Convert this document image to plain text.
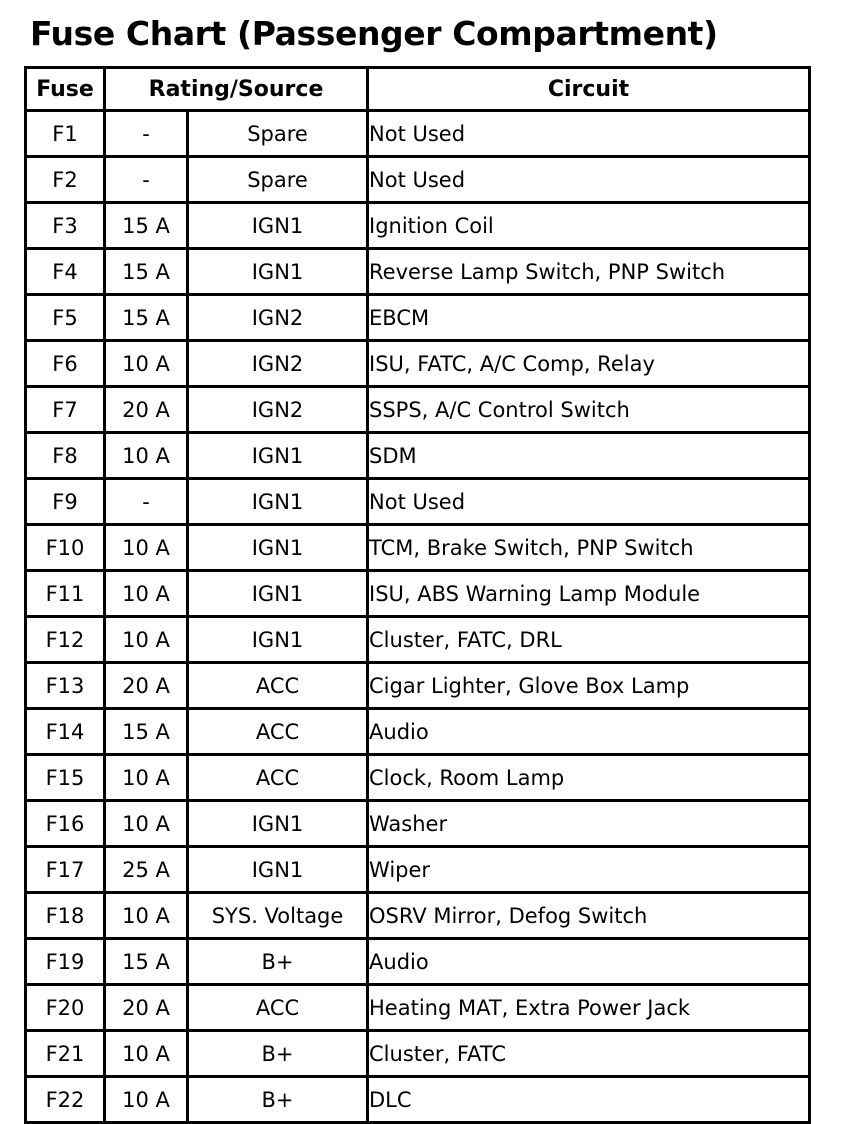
Fuse Chart (Passenger Compartment)
Fuse	Rating/Source		Circuit
F1	-	Spare	Not Used
F2	-	Spare	Not Used
F3	15 A	IGN1	Ignition Coil
F4	15 A	IGN1	Reverse Lamp Switch, PNP Switch
F5	15 A	IGN2	EBCM
F6	10 A	IGN2	ISU, FATC, A/C Comp, Relay
F7	20 A	IGN2	SSPS, A/C Control Switch
F8	10 A	IGN1	SDM
F9	-	IGN1	Not Used
F10	10 A	IGN1	TCM, Brake Switch, PNP Switch
F11	10 A	IGN1	ISU, ABS Warning Lamp Module
F12	10 A	IGN1	Cluster, FATC, DRL
F13	20 A	ACC	Cigar Lighter, Glove Box Lamp
F14	15 A	ACC	Audio
F15	10 A	ACC	Clock, Room Lamp
F16	10 A	IGN1	Washer
F17	25 A	IGN1	Wiper
F18	10 A	SYS. Voltage	OSRV Mirror, Defog Switch
F19	15 A	B+	Audio
F20	20 A	ACC	Heating MAT, Extra Power Jack
F21	10 A	B+	Cluster, FATC
F22	10 A	B+	DLC
